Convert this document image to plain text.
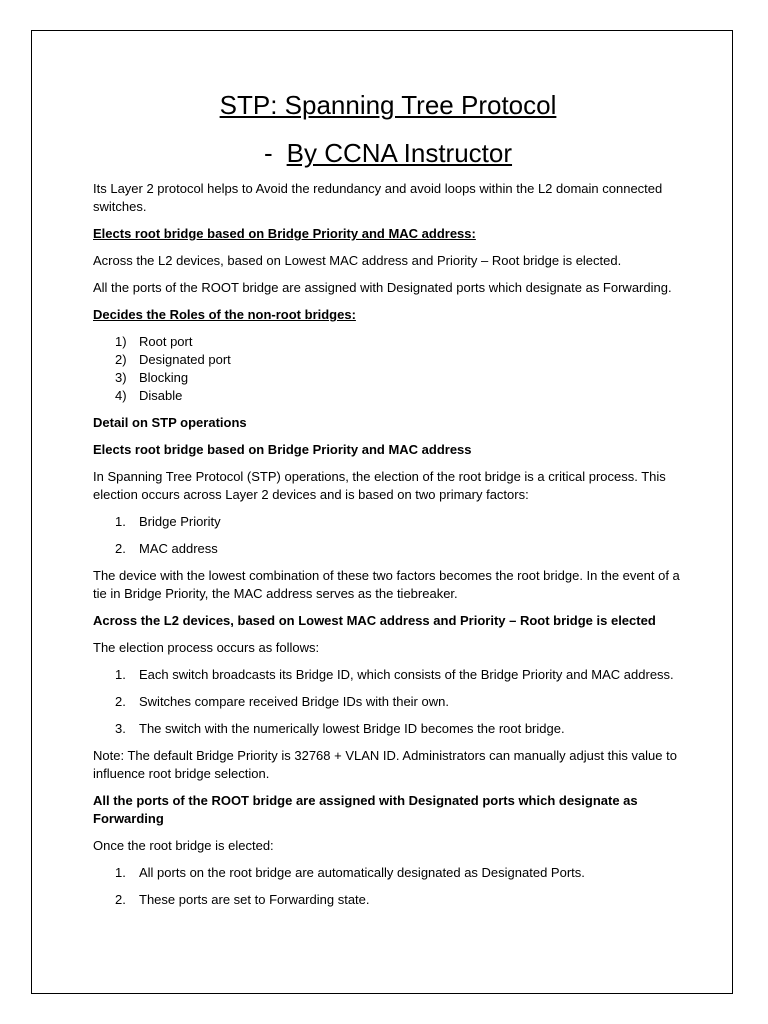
STP: Spanning Tree Protocol
- By CCNA Instructor

Its Layer 2 protocol helps to Avoid the redundancy and avoid loops within the L2 domain connected switches.

Elects root bridge based on Bridge Priority and MAC address:

Across the L2 devices, based on Lowest MAC address and Priority – Root bridge is elected.

All the ports of the ROOT bridge are assigned with Designated ports which designate as Forwarding.

Decides the Roles of the non-root bridges:

1) Root port
2) Designated port
3) Blocking
4) Disable

Detail on STP operations

Elects root bridge based on Bridge Priority and MAC address

In Spanning Tree Protocol (STP) operations, the election of the root bridge is a critical process. This election occurs across Layer 2 devices and is based on two primary factors:

1. Bridge Priority
2. MAC address

The device with the lowest combination of these two factors becomes the root bridge. In the event of a tie in Bridge Priority, the MAC address serves as the tiebreaker.

Across the L2 devices, based on Lowest MAC address and Priority – Root bridge is elected

The election process occurs as follows:

1. Each switch broadcasts its Bridge ID, which consists of the Bridge Priority and MAC address.
2. Switches compare received Bridge IDs with their own.
3. The switch with the numerically lowest Bridge ID becomes the root bridge.

Note: The default Bridge Priority is 32768 + VLAN ID. Administrators can manually adjust this value to influence root bridge selection.

All the ports of the ROOT bridge are assigned with Designated ports which designate as Forwarding

Once the root bridge is elected:

1. All ports on the root bridge are automatically designated as Designated Ports.
2. These ports are set to Forwarding state.
